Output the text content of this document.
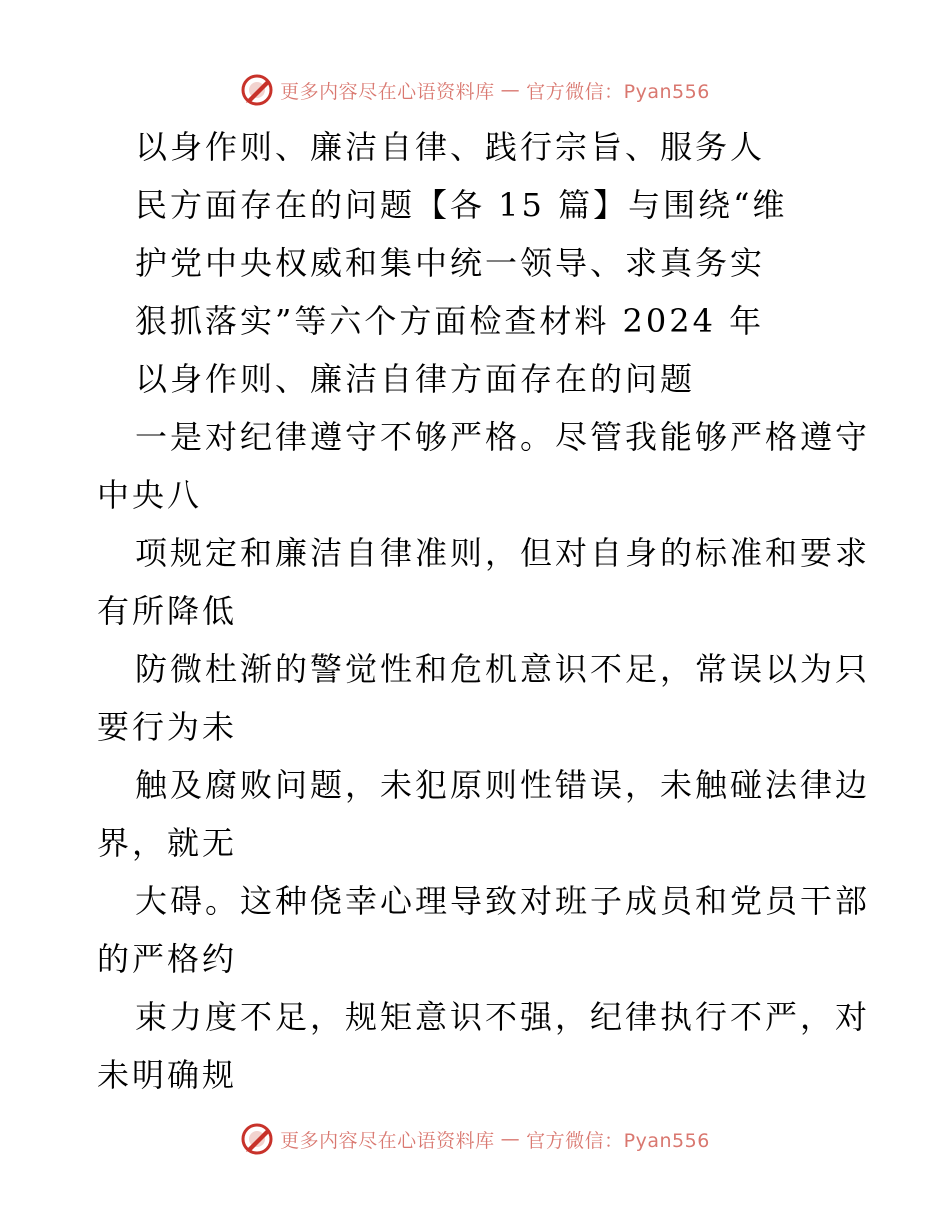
更多内容尽在心语资料库 — 官方微信：Pyan556
以身作则、廉洁自律、践行宗旨、服务人
民方面存在的问题【各 15 篇】与围绕“维
护党中央权威和集中统一领导、求真务实
狠抓落实”等六个方面检查材料 2024 年
以身作则、廉洁自律方面存在的问题
一是对纪律遵守不够严格。尽管我能够严格遵守
中央八
项规定和廉洁自律准则，但对自身的标准和要求
有所降低
防微杜渐的警觉性和危机意识不足，常误以为只
要行为未
触及腐败问题，未犯原则性错误，未触碰法律边
界，就无
大碍。这种侥幸心理导致对班子成员和党员干部
的严格约
束力度不足，规矩意识不强，纪律执行不严，对
未明确规
更多内容尽在心语资料库 — 官方微信：Pyan556
